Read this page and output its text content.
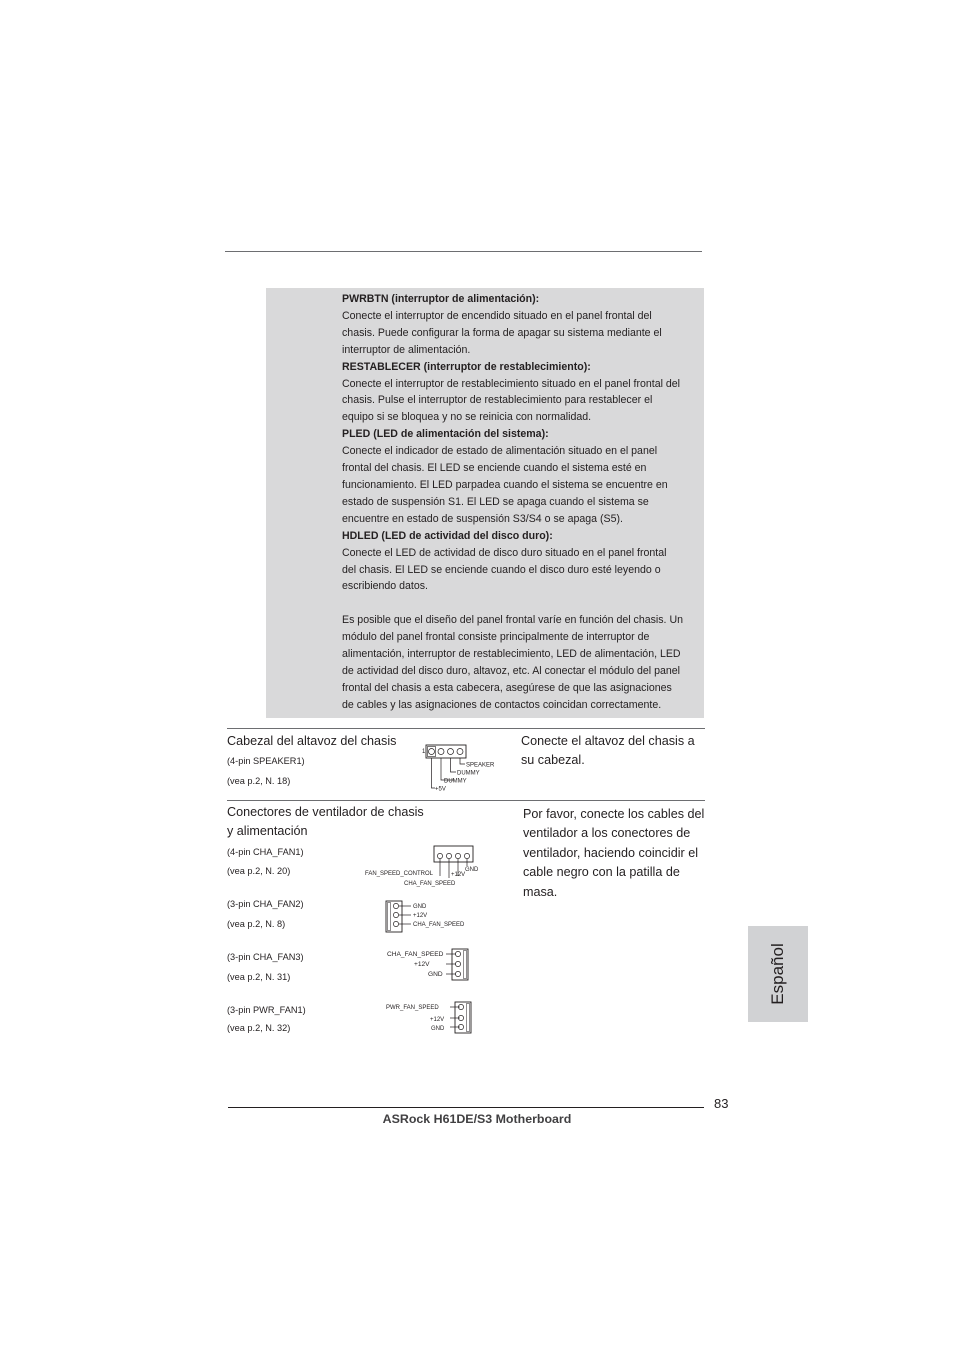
PWRBTN (interruptor de alimentación):
Conecte el interruptor de encendido situado en el panel frontal del
chasis. Puede configurar la forma de apagar su sistema mediante el
interruptor de alimentación.
RESTABLECER (interruptor de restablecimiento):
Conecte el interruptor de restablecimiento situado en el panel frontal del
chasis. Pulse el interruptor de restablecimiento para restablecer el
equipo si se bloquea y no se reinicia con normalidad.
PLED (LED de alimentación del sistema):
Conecte el indicador de estado de alimentación situado en el panel
frontal del chasis. El LED se enciende cuando el sistema esté en
funcionamiento. El LED parpadea cuando el sistema se encuentre en
estado de suspensión S1. El LED se apaga cuando el sistema se
encuentre en estado de suspensión S3/S4 o se apaga (S5).
HDLED (LED de actividad del disco duro):
Conecte el LED de actividad de disco duro situado en el panel frontal
del chasis. El LED se enciende cuando el disco duro esté leyendo o
escribiendo datos.
Es posible que el diseño del panel frontal varíe en función del chasis. Un
módulo del panel frontal consiste principalmente de interruptor de
alimentación, interruptor de restablecimiento, LED de alimentación, LED
de actividad del disco duro, altavoz, etc. Al conectar el módulo del panel
frontal del chasis a esta cabecera, asegúrese de que las asignaciones
de cables y las asignaciones de contactos coincidan correctamente.
Cabezal del altavoz del chasis
(4-pin SPEAKER1)
(vea p.2, N. 18)
Conecte el altavoz del chasis a
su cabezal.
1
SPEAKER
DUMMY
DUMMY
+5V
Conectores de ventilador de chasis
y alimentación
Por favor, conecte los cables del
ventilador a los conectores de
ventilador, haciendo coincidir el
cable negro con la patilla de
masa.
(4-pin CHA_FAN1)
(vea p.2, N. 20)	FAN_SPEED_CONTROL	+12V
GND
CHA_FAN_SPEED
(3-pin CHA_FAN2)
(vea p.2, N. 8)
GND
+12V
CHA_FAN_SPEED
(3-pin CHA_FAN3)
(vea p.2, N. 31)
CHA_FAN_SPEED
+12V
GND
(3-pin PWR_FAN1)
(vea p.2, N. 32)
PWR_FAN_SPEED
+12V
GND
Español
83
ASRock H61DE/S3 Motherboard
